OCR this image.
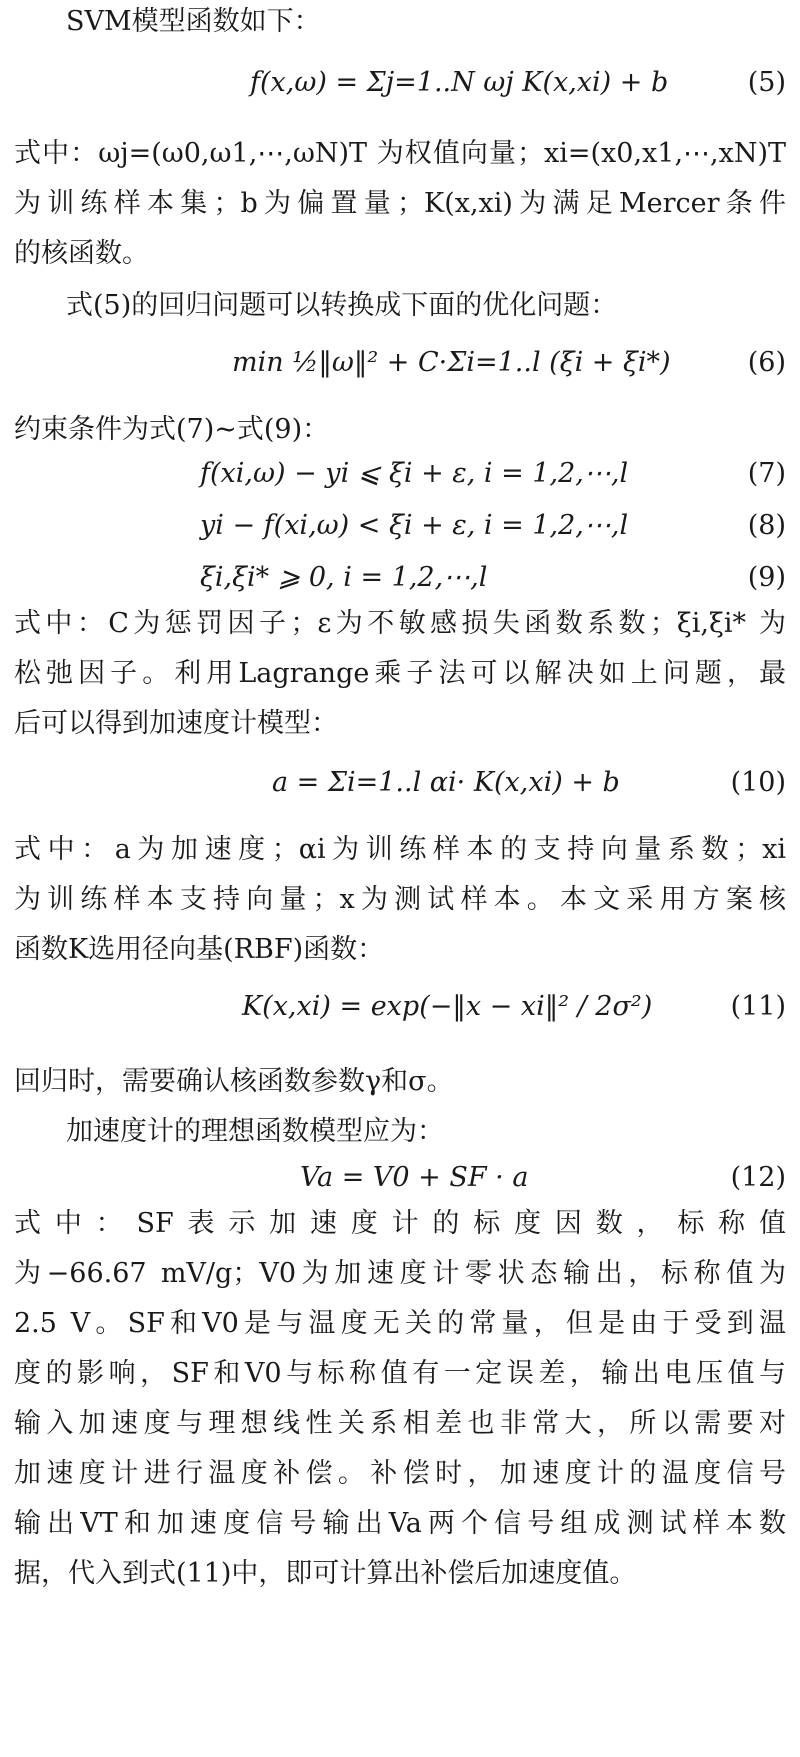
SVM模型函数如下：
f(x,ω) = Σj=1..N ωj K(x,xi) + b	(5)
式中：ωj=(ω0,ω1,⋯,ωN)T 为权值向量；xi=(x0,x1,⋯,xN)T
为训练样本集；b为偏置量；K(x,xi)为满足Mercer条件
的核函数。
式(5)的回归问题可以转换成下面的优化问题：
min ½‖ω‖² + C·Σi=1..l (ξi + ξi*)	(6)
约束条件为式(7)~式(9)：
f(xi,ω) − yi ⩽ ξi + ε, i = 1,2,⋯,l	(7)
yi − f(xi,ω) < ξi + ε, i = 1,2,⋯,l	(8)
ξi,ξi* ⩾ 0, i = 1,2,⋯,l	(9)
式中：C为惩罚因子；ε为不敏感损失函数系数；ξi,ξi* 为
松弛因子。利用Lagrange乘子法可以解决如上问题，最
后可以得到加速度计模型：
a = Σi=1..l αi· K(x,xi) + b	(10)
式中：a为加速度；αi为训练样本的支持向量系数；xi
为训练样本支持向量；x为测试样本。本文采用方案核
函数K选用径向基(RBF)函数：
K(x,xi) = exp(−‖x − xi‖² / 2σ²)	(11)
回归时，需要确认核函数参数γ和σ。
加速度计的理想函数模型应为：
Va = V0 + SF · a	(12)
式中：SF表示加速度计的标度因数，标称值
为−66.67 mV/g；V0为加速度计零状态输出，标称值为
2.5 V。SF和V0是与温度无关的常量，但是由于受到温
度的影响，SF和V0与标称值有一定误差，输出电压值与
输入加速度与理想线性关系相差也非常大，所以需要对
加速度计进行温度补偿。补偿时，加速度计的温度信号
输出VT和加速度信号输出Va两个信号组成测试样本数
据，代入到式(11)中，即可计算出补偿后加速度值。
